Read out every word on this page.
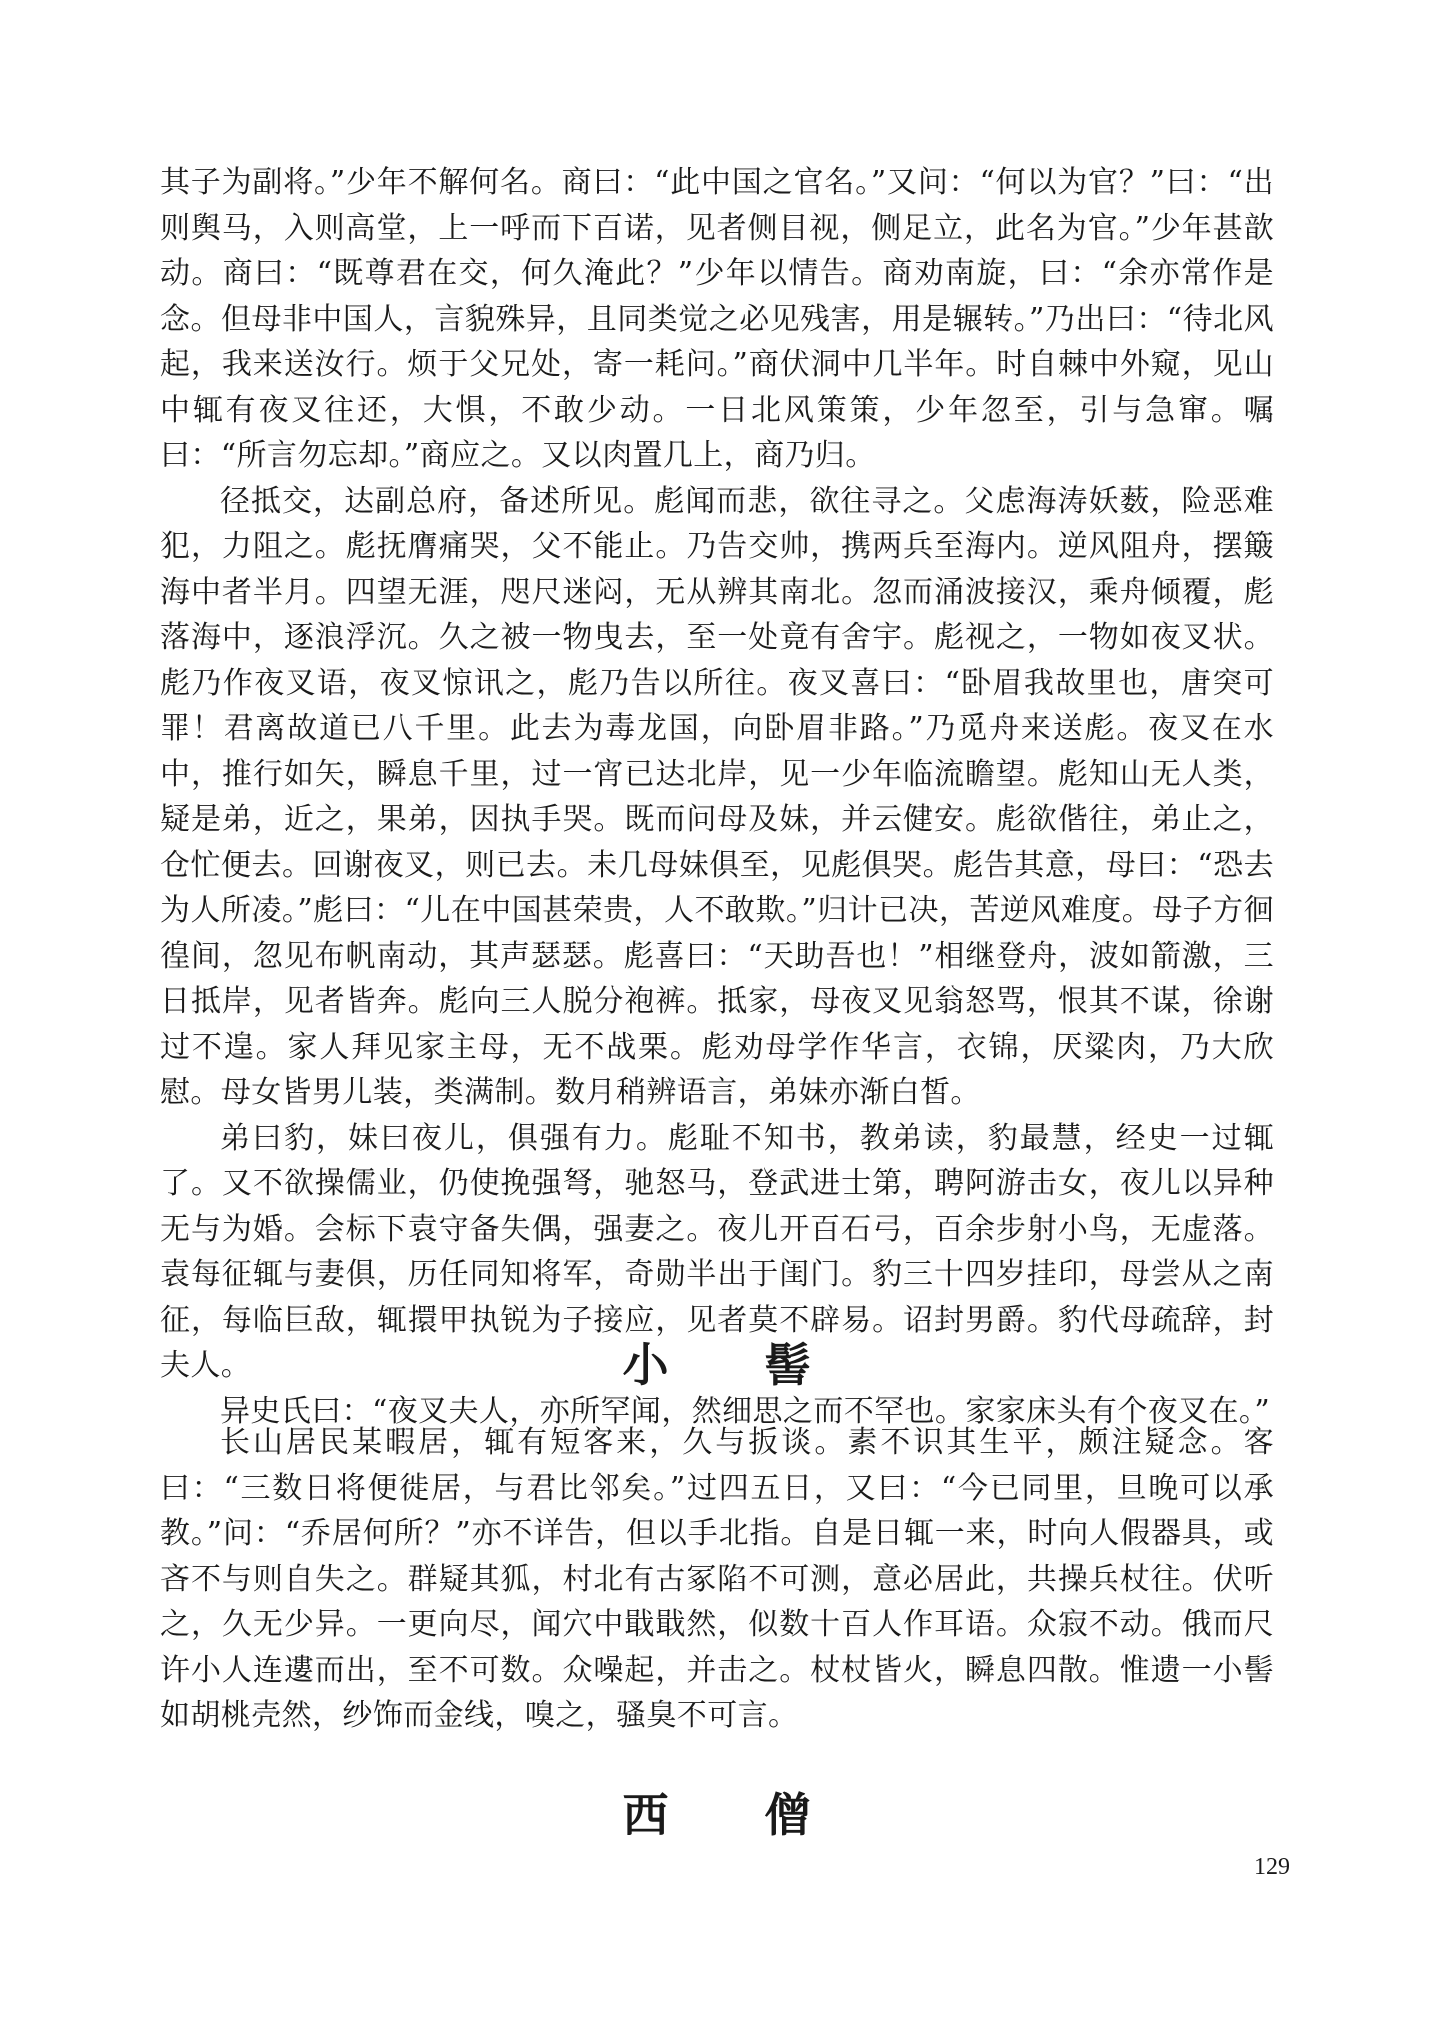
其子为副将。”少年不解何名。商曰：“此中国之官名。”又问：“何以为官？”曰：“出则舆马，入则高堂，上一呼而下百诺，见者侧目视，侧足立，此名为官。”少年甚歆动。商曰：“既尊君在交，何久淹此？”少年以情告。商劝南旋，曰：“余亦常作是念。但母非中国人，言貌殊异，且同类觉之必见残害，用是辗转。”乃出曰：“待北风起，我来送汝行。烦于父兄处，寄一耗问。”商伏洞中几半年。时自棘中外窥，见山中辄有夜叉往还，大惧，不敢少动。一日北风策策，少年忽至，引与急窜。嘱曰：“所言勿忘却。”商应之。又以肉置几上，商乃归。

径抵交，达副总府，备述所见。彪闻而悲，欲往寻之。父虑海涛妖薮，险恶难犯，力阻之。彪抚膺痛哭，父不能止。乃告交帅，携两兵至海内。逆风阻舟，摆簸海中者半月。四望无涯，咫尺迷闷，无从辨其南北。忽而涌波接汉，乘舟倾覆，彪落海中，逐浪浮沉。久之被一物曳去，至一处竟有舍宇。彪视之，一物如夜叉状。彪乃作夜叉语，夜叉惊讯之，彪乃告以所往。夜叉喜曰：“卧眉我故里也，唐突可罪！君离故道已八千里。此去为毒龙国，向卧眉非路。”乃觅舟来送彪。夜叉在水中，推行如矢，瞬息千里，过一宵已达北岸，见一少年临流瞻望。彪知山无人类，疑是弟，近之，果弟，因执手哭。既而问母及妹，并云健安。彪欲偕往，弟止之，仓忙便去。回谢夜叉，则已去。未几母妹俱至，见彪俱哭。彪告其意，母曰：“恐去为人所凌。”彪曰：“儿在中国甚荣贵，人不敢欺。”归计已决，苦逆风难度。母子方徊徨间，忽见布帆南动，其声瑟瑟。彪喜曰：“天助吾也！”相继登舟，波如箭激，三日抵岸，见者皆奔。彪向三人脱分袍裤。抵家，母夜叉见翁怒骂，恨其不谋，徐谢过不遑。家人拜见家主母，无不战栗。彪劝母学作华言，衣锦，厌粱肉，乃大欣慰。母女皆男儿装，类满制。数月稍辨语言，弟妹亦渐白皙。

弟曰豹，妹曰夜儿，俱强有力。彪耻不知书，教弟读，豹最慧，经史一过辄了。又不欲操儒业，仍使挽强弩，驰怒马，登武进士第，聘阿游击女，夜儿以异种无与为婚。会标下袁守备失偶，强妻之。夜儿开百石弓，百余步射小鸟，无虚落。袁每征辄与妻俱，历任同知将军，奇勋半出于闺门。豹三十四岁挂印，母尝从之南征，每临巨敌，辄擐甲执锐为子接应，见者莫不辟易。诏封男爵。豹代母疏辞，封夫人。

异史氏曰：“夜叉夫人，亦所罕闻，然细思之而不罕也。家家床头有个夜叉在。”

小 髻

长山居民某暇居，辄有短客来，久与扳谈。素不识其生平，颇注疑念。客曰：“三数日将便徙居，与君比邻矣。”过四五日，又曰：“今已同里，旦晚可以承教。”问：“乔居何所？”亦不详告，但以手北指。自是日辄一来，时向人假器具，或吝不与则自失之。群疑其狐，村北有古冢陷不可测，意必居此，共操兵杖往。伏听之，久无少异。一更向尽，闻穴中戢戢然，似数十百人作耳语。众寂不动。俄而尺许小人连遱而出，至不可数。众噪起，并击之。杖杖皆火，瞬息四散。惟遗一小髻如胡桃壳然，纱饰而金线，嗅之，骚臭不可言。

西 僧
129
